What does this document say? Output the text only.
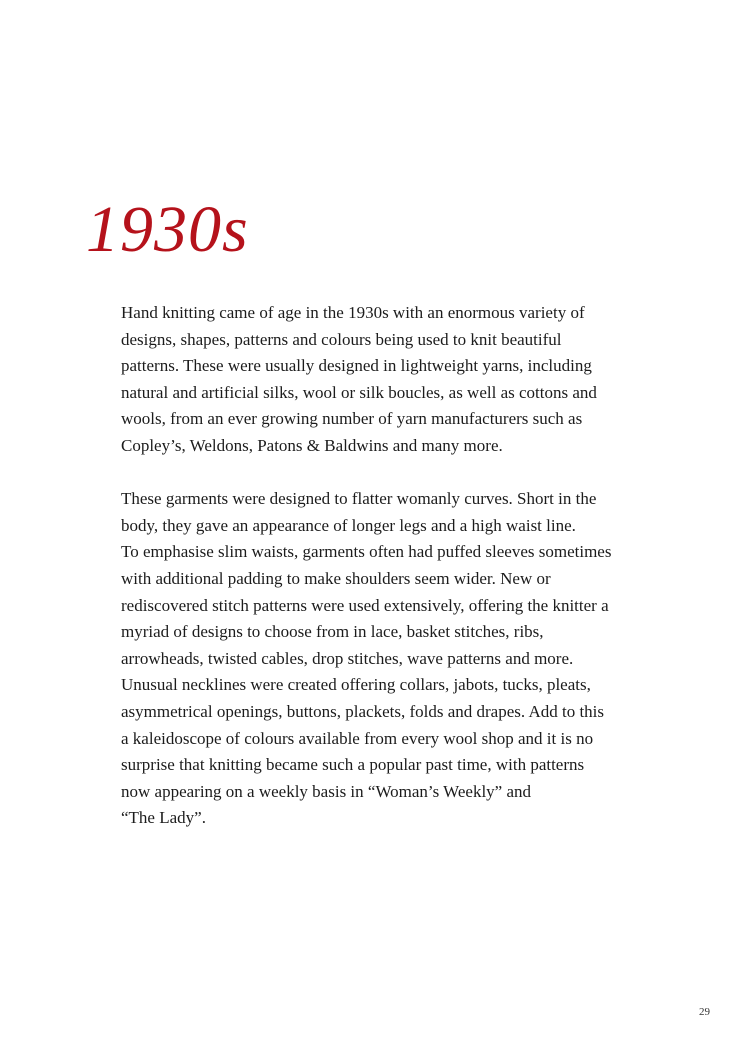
1930s

Hand knitting came of age in the 1930s with an enormous variety of
designs, shapes, patterns and colours being used to knit beautiful
patterns. These were usually designed in lightweight yarns, including
natural and artificial silks, wool or silk boucles, as well as cottons and
wools, from an ever growing number of yarn manufacturers such as
Copley’s, Weldons, Patons & Baldwins and many more.

These garments were designed to flatter womanly curves. Short in the
body, they gave an appearance of longer legs and a high waist line.
To emphasise slim waists, garments often had puffed sleeves sometimes
with additional padding to make shoulders seem wider. New or
rediscovered stitch patterns were used extensively, offering the knitter a
myriad of designs to choose from in lace, basket stitches, ribs,
arrowheads, twisted cables, drop stitches, wave patterns and more.
Unusual necklines were created offering collars, jabots, tucks, pleats,
asymmetrical openings, buttons, plackets, folds and drapes. Add to this
a kaleidoscope of colours available from every wool shop and it is no
surprise that knitting became such a popular past time, with patterns
now appearing on a weekly basis in “Woman’s Weekly” and
“The Lady”.

29
